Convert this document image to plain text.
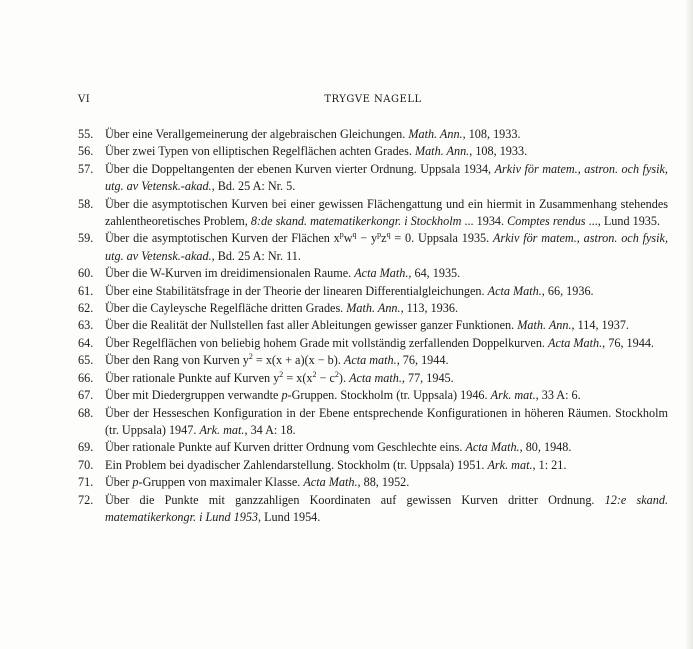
VI	TRYGVE NAGELL
55. Über eine Verallgemeinerung der algebraischen Gleichungen. Math. Ann., 108, 1933.
56. Über zwei Typen von elliptischen Regelflächen achten Grades. Math. Ann., 108, 1933.
57. Über die Doppeltangenten der ebenen Kurven vierter Ordnung. Uppsala 1934, Arkiv för matem., astron. och fysik, utg. av Vetensk.-akad., Bd. 25 A: Nr. 5.
58. Über die asymptotischen Kurven bei einer gewissen Flächengattung und ein hiermit in Zusammenhang stehendes zahlentheoretisches Problem, 8:de skand. matematikerkongr. i Stockholm ... 1934. Comptes rendus ..., Lund 1935.
59. Über die asymptotischen Kurven der Flächen $x^pw^q - y^pz^q = 0$. Uppsala 1935. Arkiv för matem., astron. och fysik, utg. av Vetensk.-akad., Bd. 25 A: Nr. 11.
60. Über die W-Kurven im dreidimensionalen Raume. Acta Math., 64, 1935.
61. Über eine Stabilitätsfrage in der Theorie der linearen Differentialgleichungen. Acta Math., 66, 1936.
62. Über die Cayleysche Regelfläche dritten Grades. Math. Ann., 113, 1936.
63. Über die Realität der Nullstellen fast aller Ableitungen gewisser ganzer Funktionen. Math. Ann., 114, 1937.
64. Über Regelflächen von beliebig hohem Grade mit vollständig zerfallenden Doppelkurven. Acta Math., 76, 1944.
65. Über den Rang von Kurven $y^2 = x(x + a)(x - b)$. Acta math., 76, 1944.
66. Über rationale Punkte auf Kurven $y^2 = x(x^2 - c^2)$. Acta math., 77, 1945.
67. Über mit Diedergruppen verwandte p-Gruppen. Stockholm (tr. Uppsala) 1946. Ark. mat., 33 A: 6.
68. Über der Hesseschen Konfiguration in der Ebene entsprechende Konfigurationen in höheren Räumen. Stockholm (tr. Uppsala) 1947. Ark. mat., 34 A: 18.
69. Über rationale Punkte auf Kurven dritter Ordnung vom Geschlechte eins. Acta Math., 80, 1948.
70. Ein Problem bei dyadischer Zahlendarstellung. Stockholm (tr. Uppsala) 1951. Ark. mat., 1: 21.
71. Über p-Gruppen von maximaler Klasse. Acta Math., 88, 1952.
72. Über die Punkte mit ganzzahligen Koordinaten auf gewissen Kurven dritter Ordnung. 12:e skand. matematikerkongr. i Lund 1953, Lund 1954.
